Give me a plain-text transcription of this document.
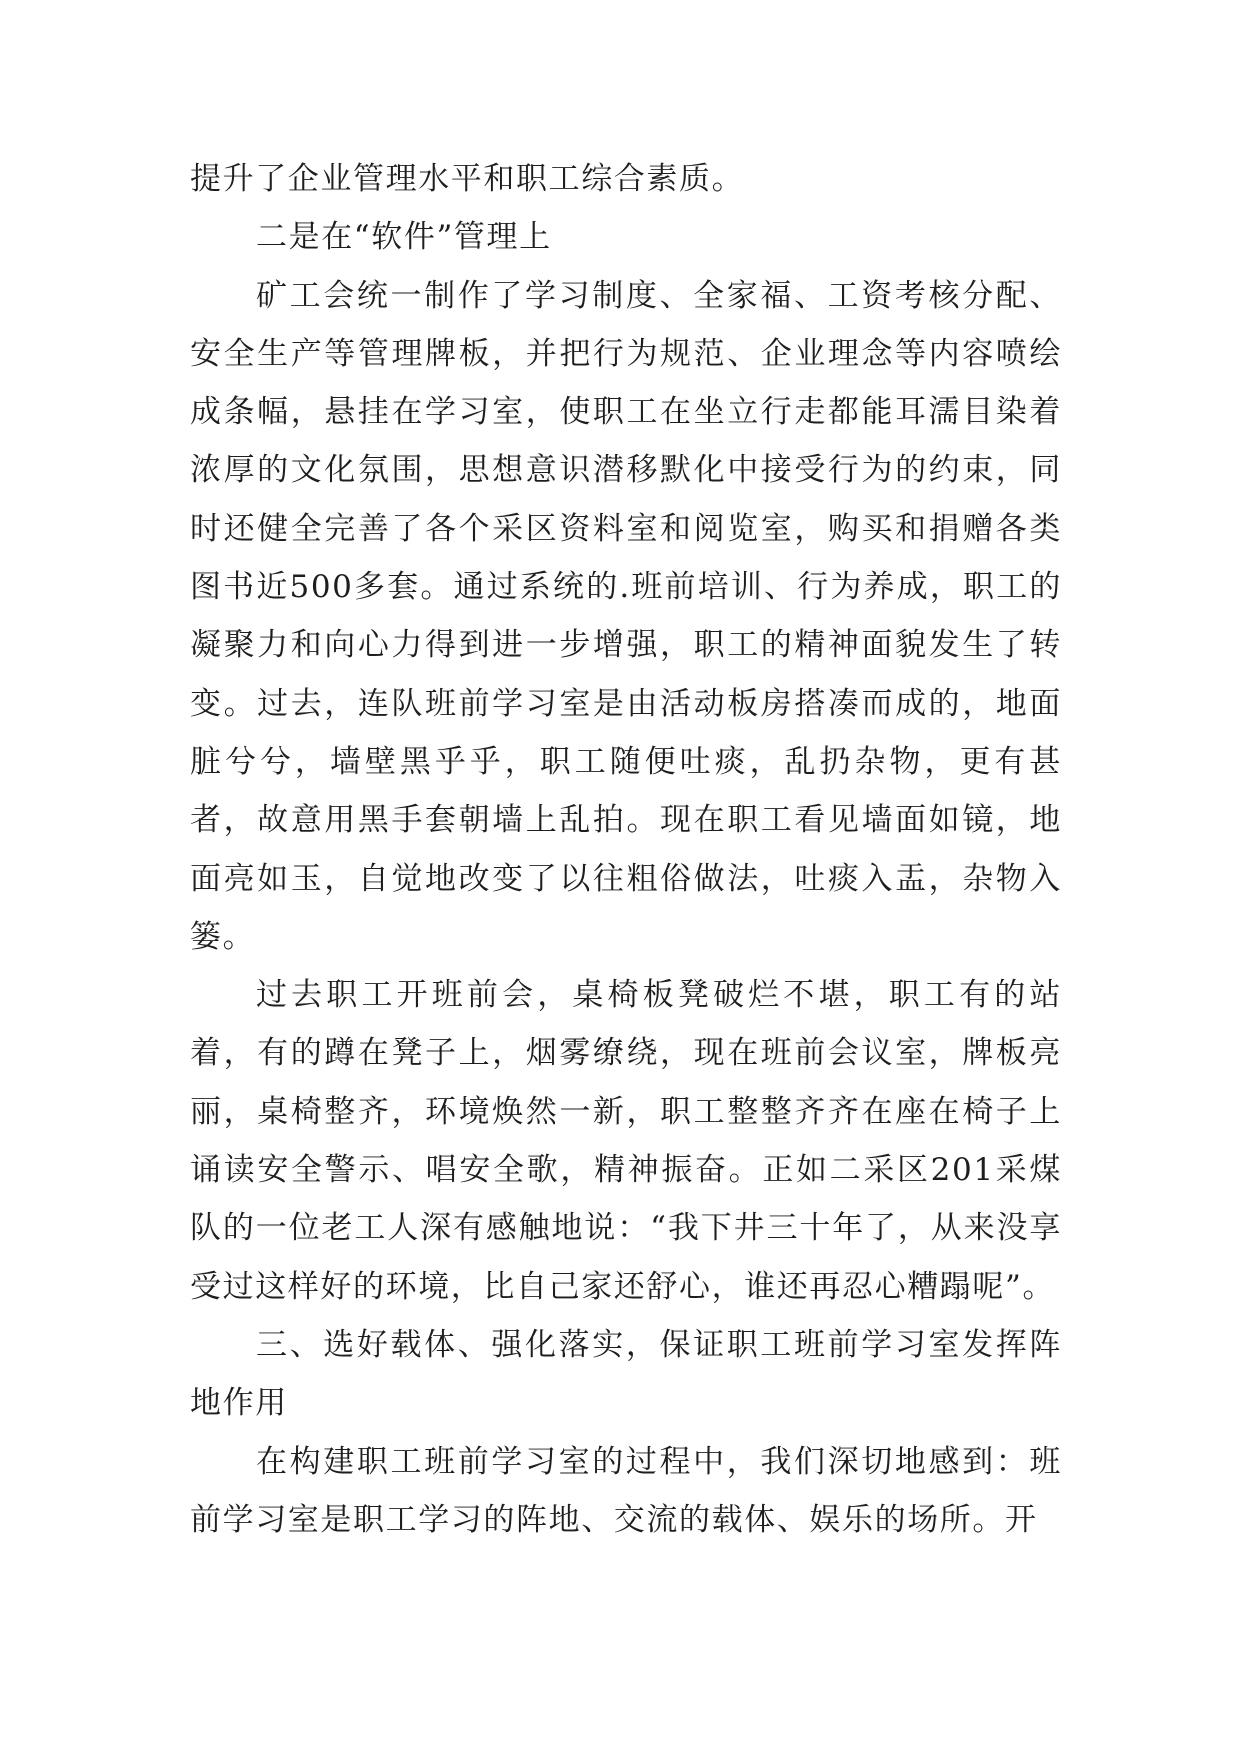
提升了企业管理水平和职工综合素质。

二是在“软件”管理上

矿工会统一制作了学习制度、全家福、工资考核分配、安全生产等管理牌板，并把行为规范、企业理念等内容喷绘成条幅，悬挂在学习室，使职工在坐立行走都能耳濡目染着浓厚的文化氛围，思想意识潜移默化中接受行为的约束，同时还健全完善了各个采区资料室和阅览室，购买和捐赠各类图书近500多套。通过系统的.班前培训、行为养成，职工的凝聚力和向心力得到进一步增强，职工的精神面貌发生了转变。过去，连队班前学习室是由活动板房搭凑而成的，地面脏兮兮，墙壁黑乎乎，职工随便吐痰，乱扔杂物，更有甚者，故意用黑手套朝墙上乱拍。现在职工看见墙面如镜，地面亮如玉，自觉地改变了以往粗俗做法，吐痰入盂，杂物入篓。

过去职工开班前会，桌椅板凳破烂不堪，职工有的站着，有的蹲在凳子上，烟雾缭绕，现在班前会议室，牌板亮丽，桌椅整齐，环境焕然一新，职工整整齐齐在座在椅子上诵读安全警示、唱安全歌，精神振奋。正如二采区201采煤队的一位老工人深有感触地说：“我下井三十年了，从来没享受过这样好的环境，比自己家还舒心，谁还再忍心糟蹋呢”。

三、选好载体、强化落实，保证职工班前学习室发挥阵地作用

在构建职工班前学习室的过程中，我们深切地感到：班前学习室是职工学习的阵地、交流的载体、娱乐的场所。开
